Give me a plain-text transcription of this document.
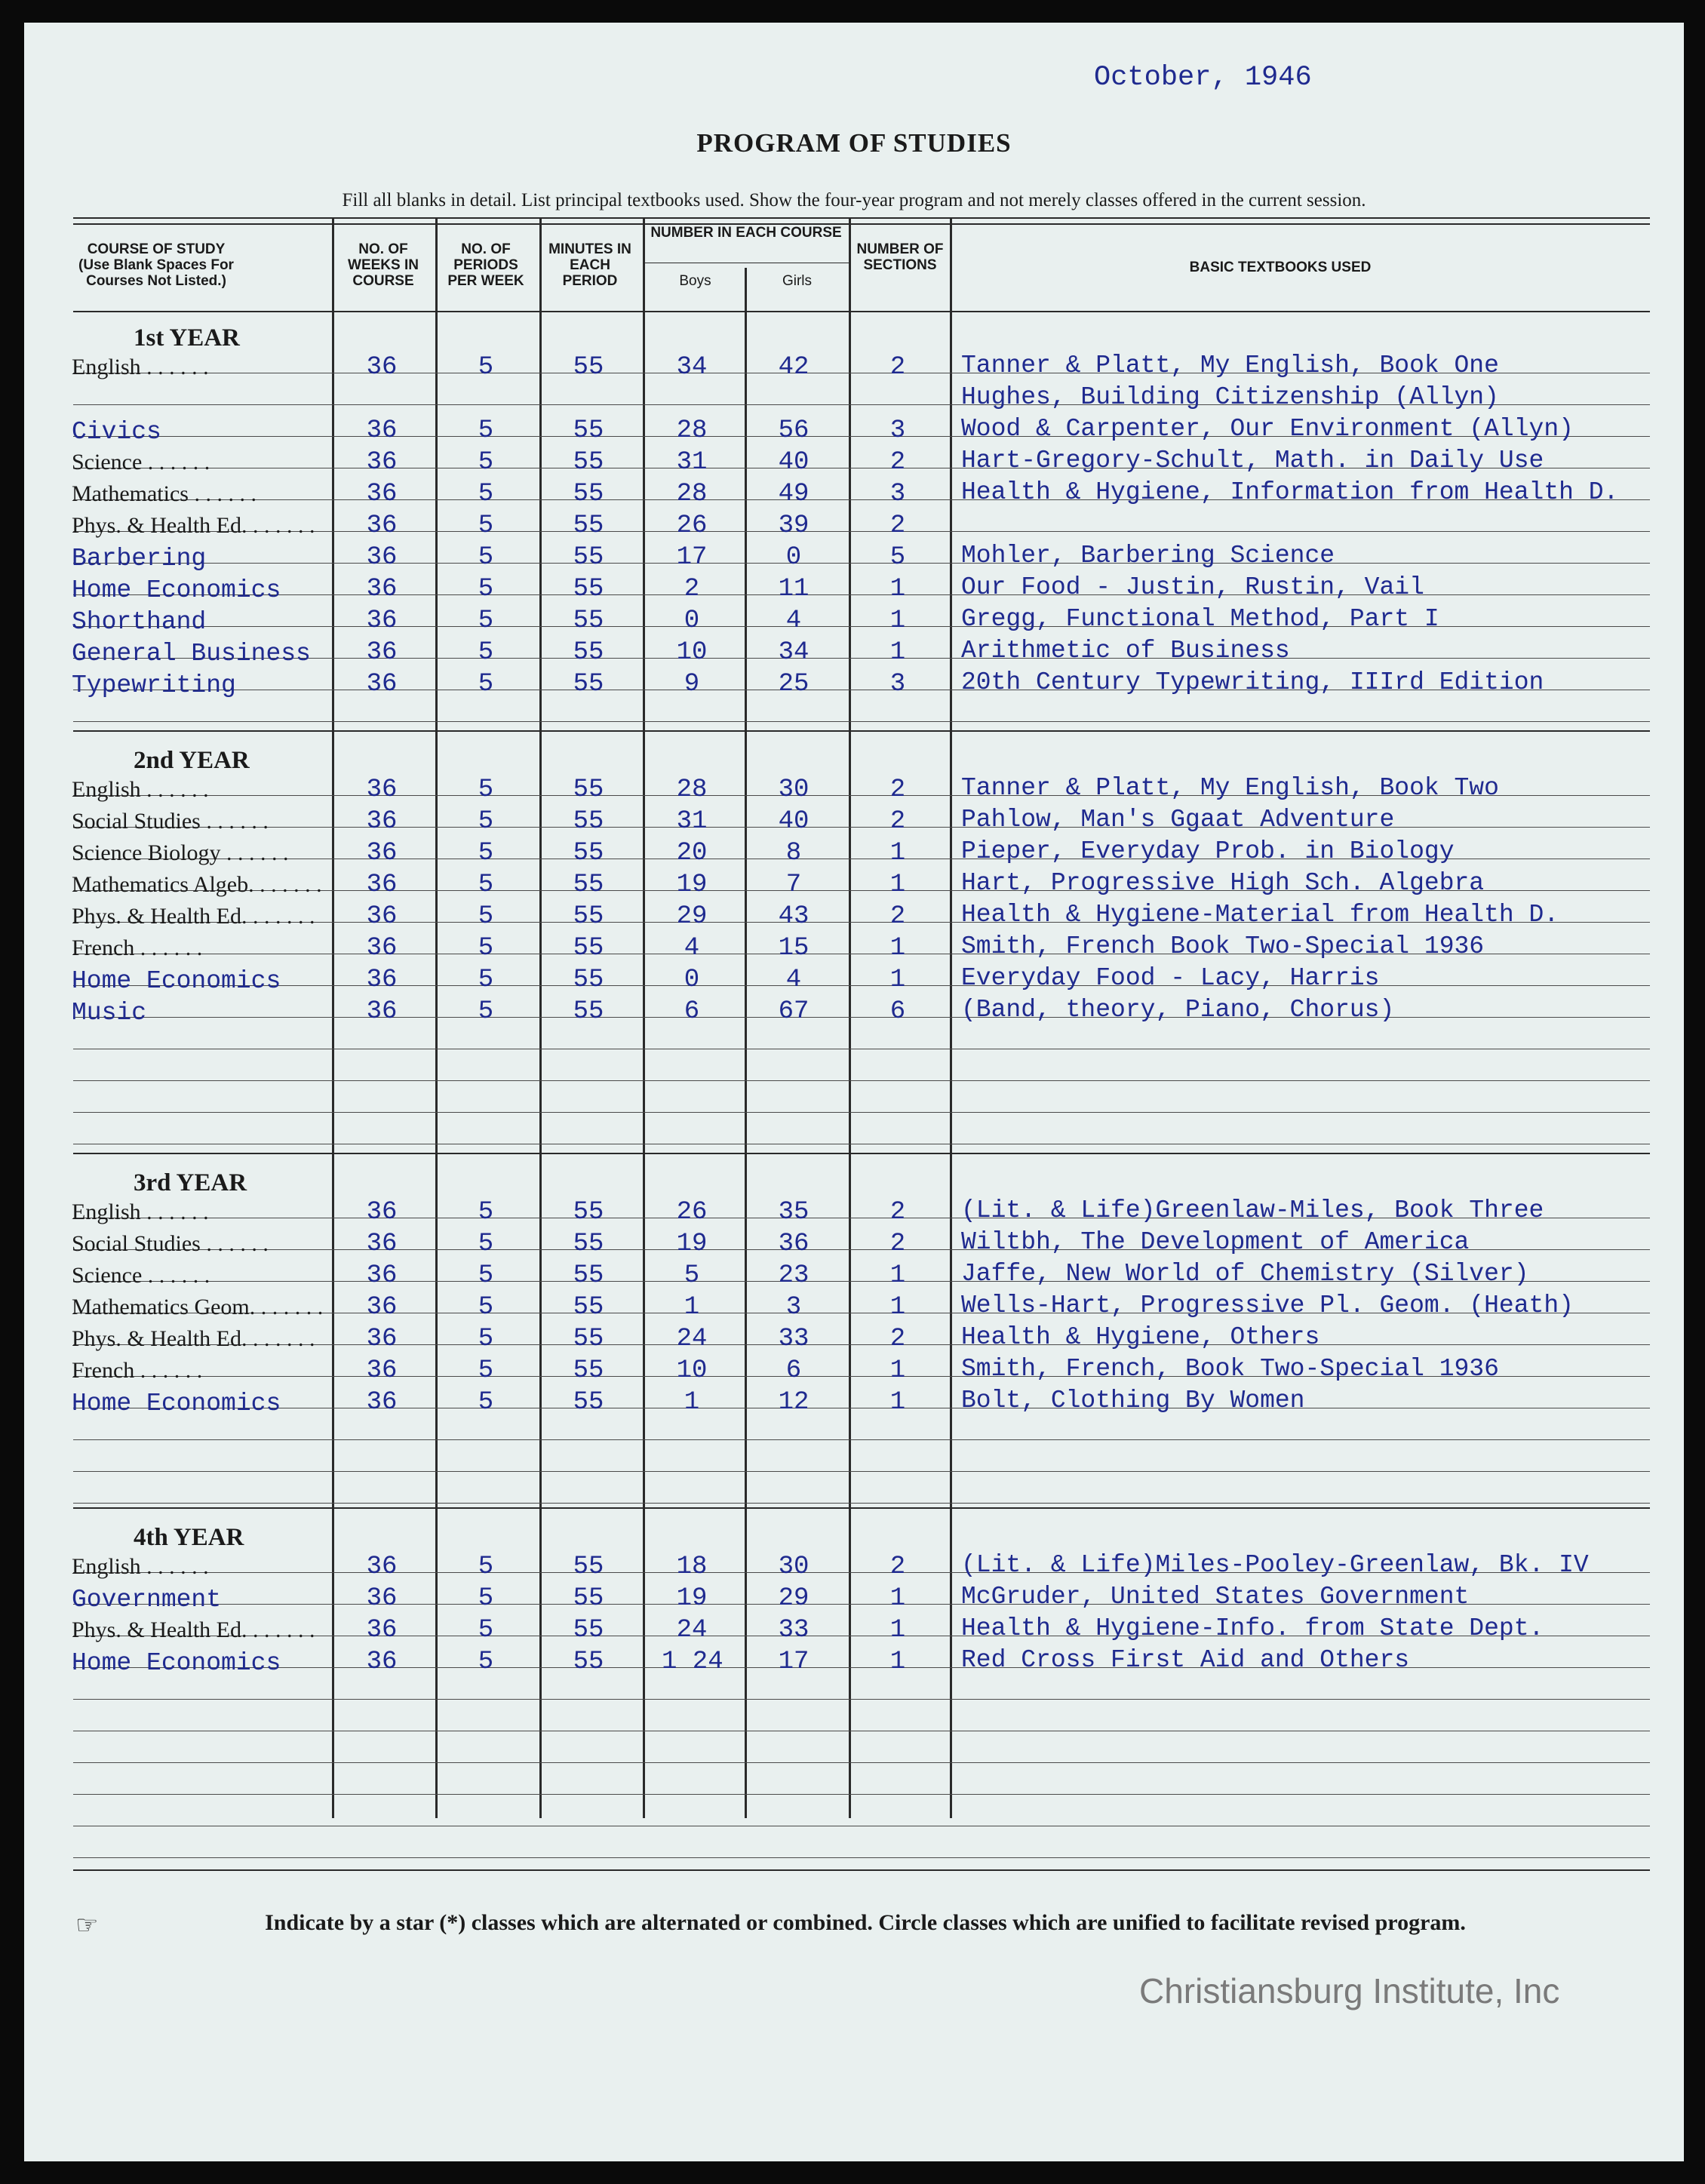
October, 1946
PROGRAM OF STUDIES
Fill all blanks in detail. List principal textbooks used. Show the four-year program and not merely classes offered in the current session.
COURSE OF STUDY (Use Blank Spaces For Courses Not Listed.)
NO. OF WEEKS IN COURSE
NO. OF PERIODS PER WEEK
MINUTES IN EACH PERIOD
NUMBER IN EACH COURSE
Boys	Girls
NUMBER OF SECTIONS	BASIC TEXTBOOKS USED
1st YEAR
English . . . . . .	36	5	55	34	42	2	Tanner & Platt, My English, Book One
Hughes, Building Citizenship (Allyn)
Civics	36	5	55	28	56	3	Wood & Carpenter, Our Environment (Allyn)
Science . . . . . .	36	5	55	31	40	2	Hart-Gregory-Schult, Math. in Daily Use
Mathematics . . . . . .	36	5	55	28	49	3	Health & Hygiene, Information from Health D.
Phys. & Health Ed. . . . . . .	36	5	55	26	39	2
Barbering	36	5	55	17	0	5	Mohler, Barbering Science
Home Economics	36	5	55	2	11	1	Our Food - Justin, Rustin, Vail
Shorthand	36	5	55	0	4	1	Gregg, Functional Method, Part I
General Business	36	5	55	10	34	1	Arithmetic of Business
Typewriting	36	5	55	9	25	3	20th Century Typewriting, IIIrd Edition
2nd YEAR
English . . . . . .	36	5	55	28	30	2	Tanner & Platt, My English, Book Two
Social Studies . . . . . .	36	5	55	31	40	2	Pahlow, Man's Ggaat Adventure
Science Biology . . . . . .	36	5	55	20	8	1	Pieper, Everyday Prob. in Biology
Mathematics Algeb. . . . . . .	36	5	55	19	7	1	Hart, Progressive High Sch. Algebra
Phys. & Health Ed. . . . . . .	36	5	55	29	43	2	Health & Hygiene-Material from Health D.
French . . . . . .	36	5	55	4	15	1	Smith, French Book Two-Special 1936
Home Economics	36	5	55	0	4	1	Everyday Food - Lacy, Harris
Music	36	5	55	6	67	6	(Band, theory, Piano, Chorus)
3rd YEAR
English . . . . . .	36	5	55	26	35	2	(Lit. & Life)Greenlaw-Miles, Book Three
Social Studies . . . . . .	36	5	55	19	36	2	Wiltbh, The Development of America
Science . . . . . .	36	5	55	5	23	1	Jaffe, New World of Chemistry (Silver)
Mathematics Geom. . . . . . .	36	5	55	1	3	1	Wells-Hart, Progressive Pl. Geom. (Heath)
Phys. & Health Ed. . . . . . .	36	5	55	24	33	2	Health & Hygiene, Others
French . . . . . .	36	5	55	10	6	1	Smith, French, Book Two-Special 1936
Home Economics	36	5	55	1	12	1	Bolt, Clothing By Women
4th YEAR
English . . . . . .	36	5	55	18	30	2	(Lit. & Life)Miles-Pooley-Greenlaw, Bk. IV
Government	36	5	55	19	29	1	McGruder, United States Government
Phys. & Health Ed. . . . . . .	36	5	55	24	33	1	Health & Hygiene-Info. from State Dept.
Home Economics	36	5	55	1 24	17	1	Red Cross First Aid and Others
☞	Indicate by a star (*) classes which are alternated or combined. Circle classes which are unified to facilitate revised program.
Christiansburg Institute, Inc
